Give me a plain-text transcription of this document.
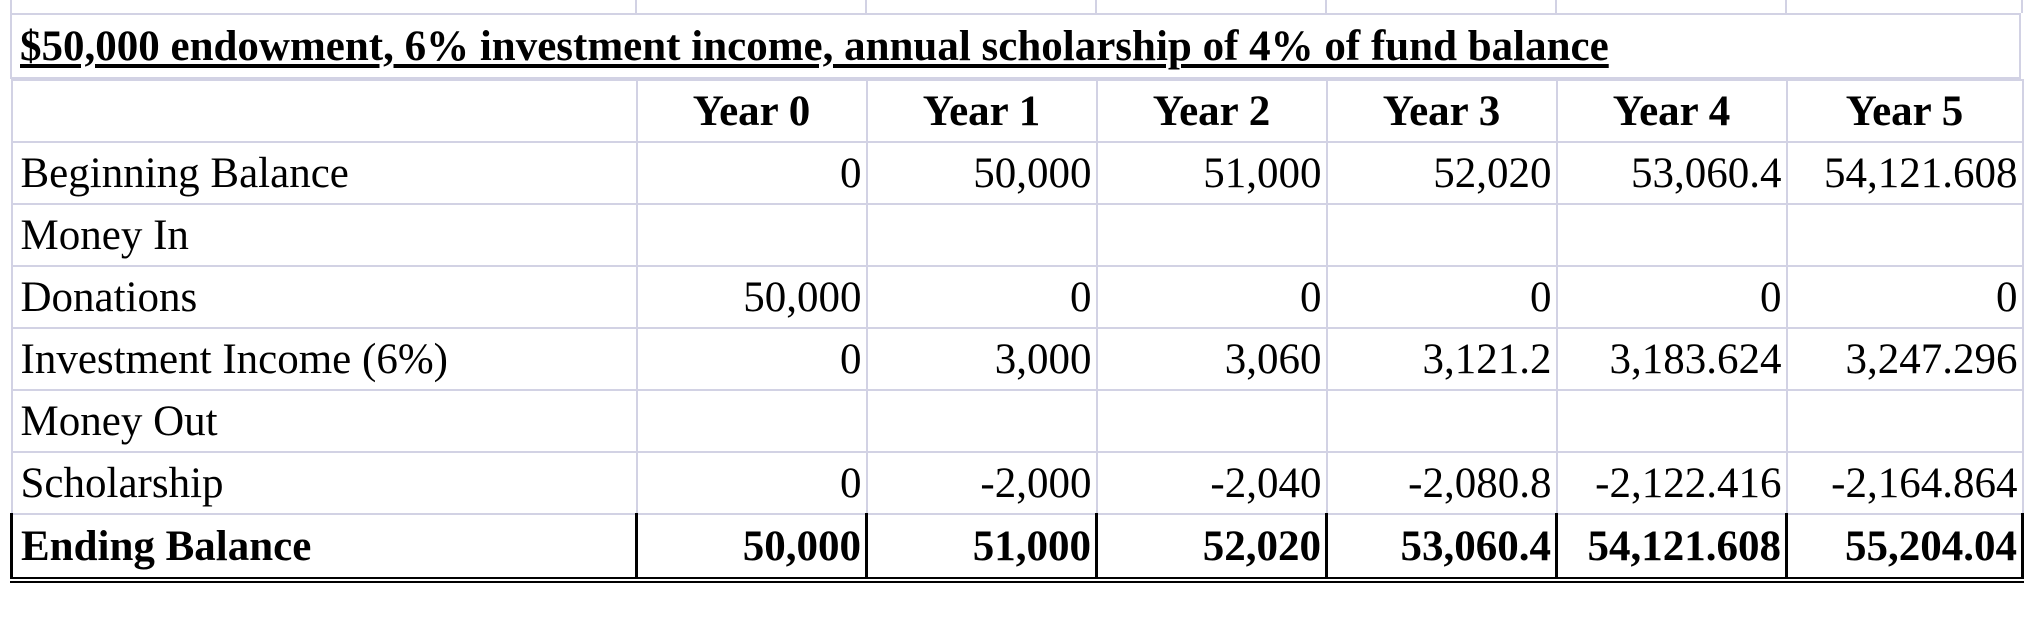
$50,000 endowment, 6% investment income, annual scholarship of 4% of fund balance
	Year 0	Year 1	Year 2	Year 3	Year 4	Year 5
Beginning Balance	0	50,000	51,000	52,020	53,060.4	54,121.608
Money In						
Donations	50,000	0	0	0	0	0
Investment Income (6%)	0	3,000	3,060	3,121.2	3,183.624	3,247.296
Money Out						
Scholarship	0	-2,000	-2,040	-2,080.8	-2,122.416	-2,164.864
Ending Balance	50,000	51,000	52,020	53,060.4	54,121.608	55,204.04
